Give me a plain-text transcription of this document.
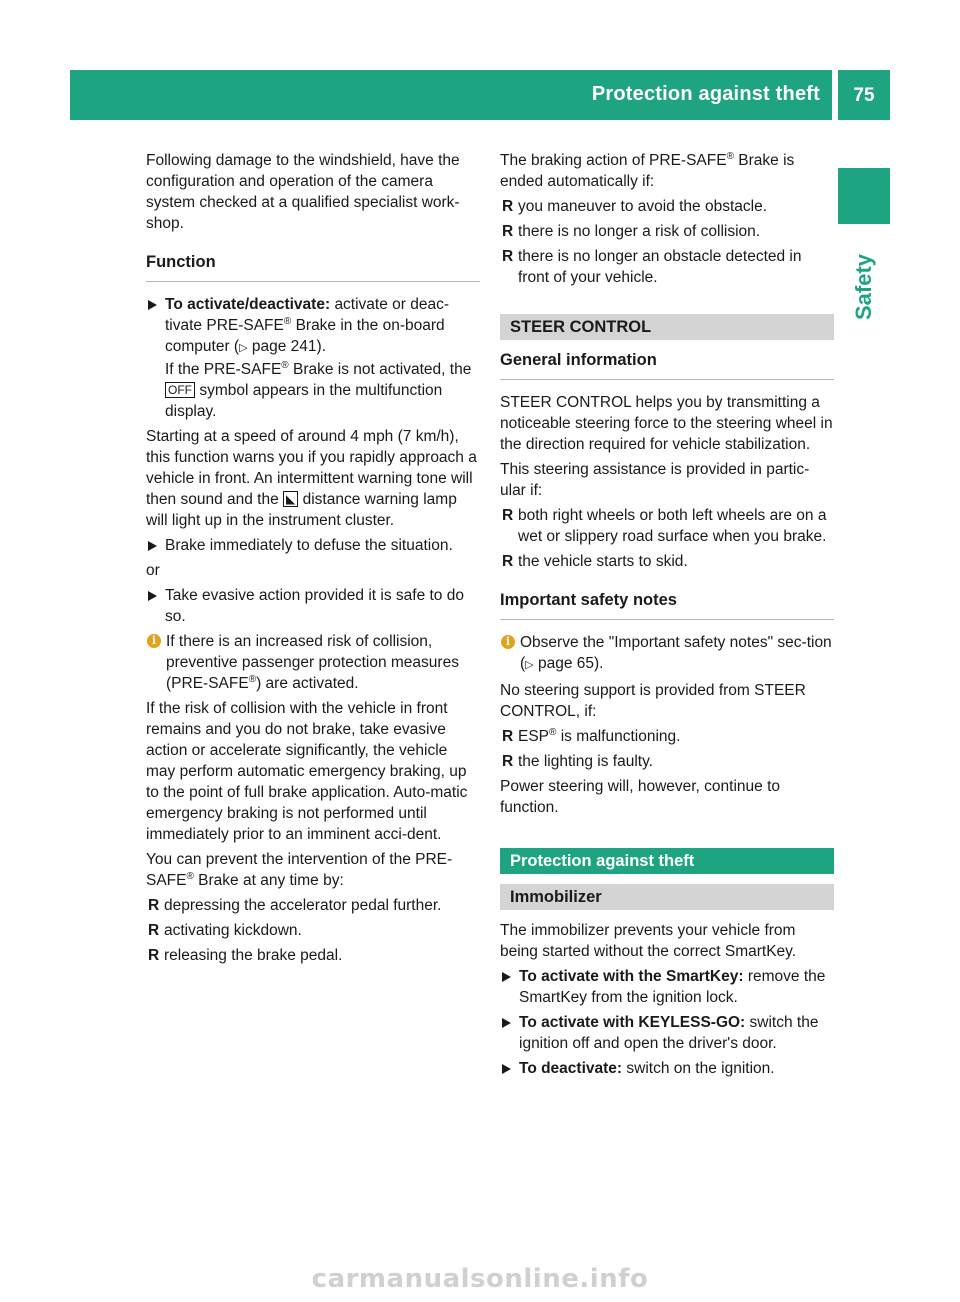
Protection against theft	75
Safety

Following damage to the windshield, have the configuration and operation of the camera system checked at a qualified specialist work-shop.

Function
To activate/deactivate: activate or deac-tivate PRE-SAFE® Brake in the on-board computer (▷ page 241).
If the PRE-SAFE® Brake is not activated, the OFF symbol appears in the multifunction display.

Starting at a speed of around 4 mph (7 km/h), this function warns you if you rapidly approach a vehicle in front. An intermittent warning tone will then sound and the ◣ distance warning lamp will light up in the instrument cluster.

Brake immediately to defuse the situation.

or

Take evasive action provided it is safe to do so.
i If there is an increased risk of collision, preventive passenger protection measures (PRE-SAFE®) are activated.

If the risk of collision with the vehicle in front remains and you do not brake, take evasive action or accelerate significantly, the vehicle may perform automatic emergency braking, up to the point of full brake application. Auto-matic emergency braking is not performed until immediately prior to an imminent acci-dent.

You can prevent the intervention of the PRE-SAFE® Brake at any time by:

R depressing the accelerator pedal further.
R activating kickdown.
R releasing the brake pedal.

The braking action of PRE-SAFE® Brake is ended automatically if:

R you maneuver to avoid the obstacle.
R there is no longer a risk of collision.
R there is no longer an obstacle detected in front of your vehicle.
STEER CONTROL
General information

STEER CONTROL helps you by transmitting a noticeable steering force to the steering wheel in the direction required for vehicle stabilization.

This steering assistance is provided in partic-ular if:

R both right wheels or both left wheels are on a wet or slippery road surface when you brake.
R the vehicle starts to skid.
Important safety notes
i Observe the "Important safety notes" sec-tion (▷ page 65).

No steering support is provided from STEER CONTROL, if:

R ESP® is malfunctioning.
R the lighting is faulty.

Power steering will, however, continue to function.

Protection against theft
Immobilizer

The immobilizer prevents your vehicle from being started without the correct SmartKey.

To activate with the SmartKey: remove the SmartKey from the ignition lock.
To activate with KEYLESS-GO: switch the ignition off and open the driver's door.
To deactivate: switch on the ignition.
carmanualsonline.info
